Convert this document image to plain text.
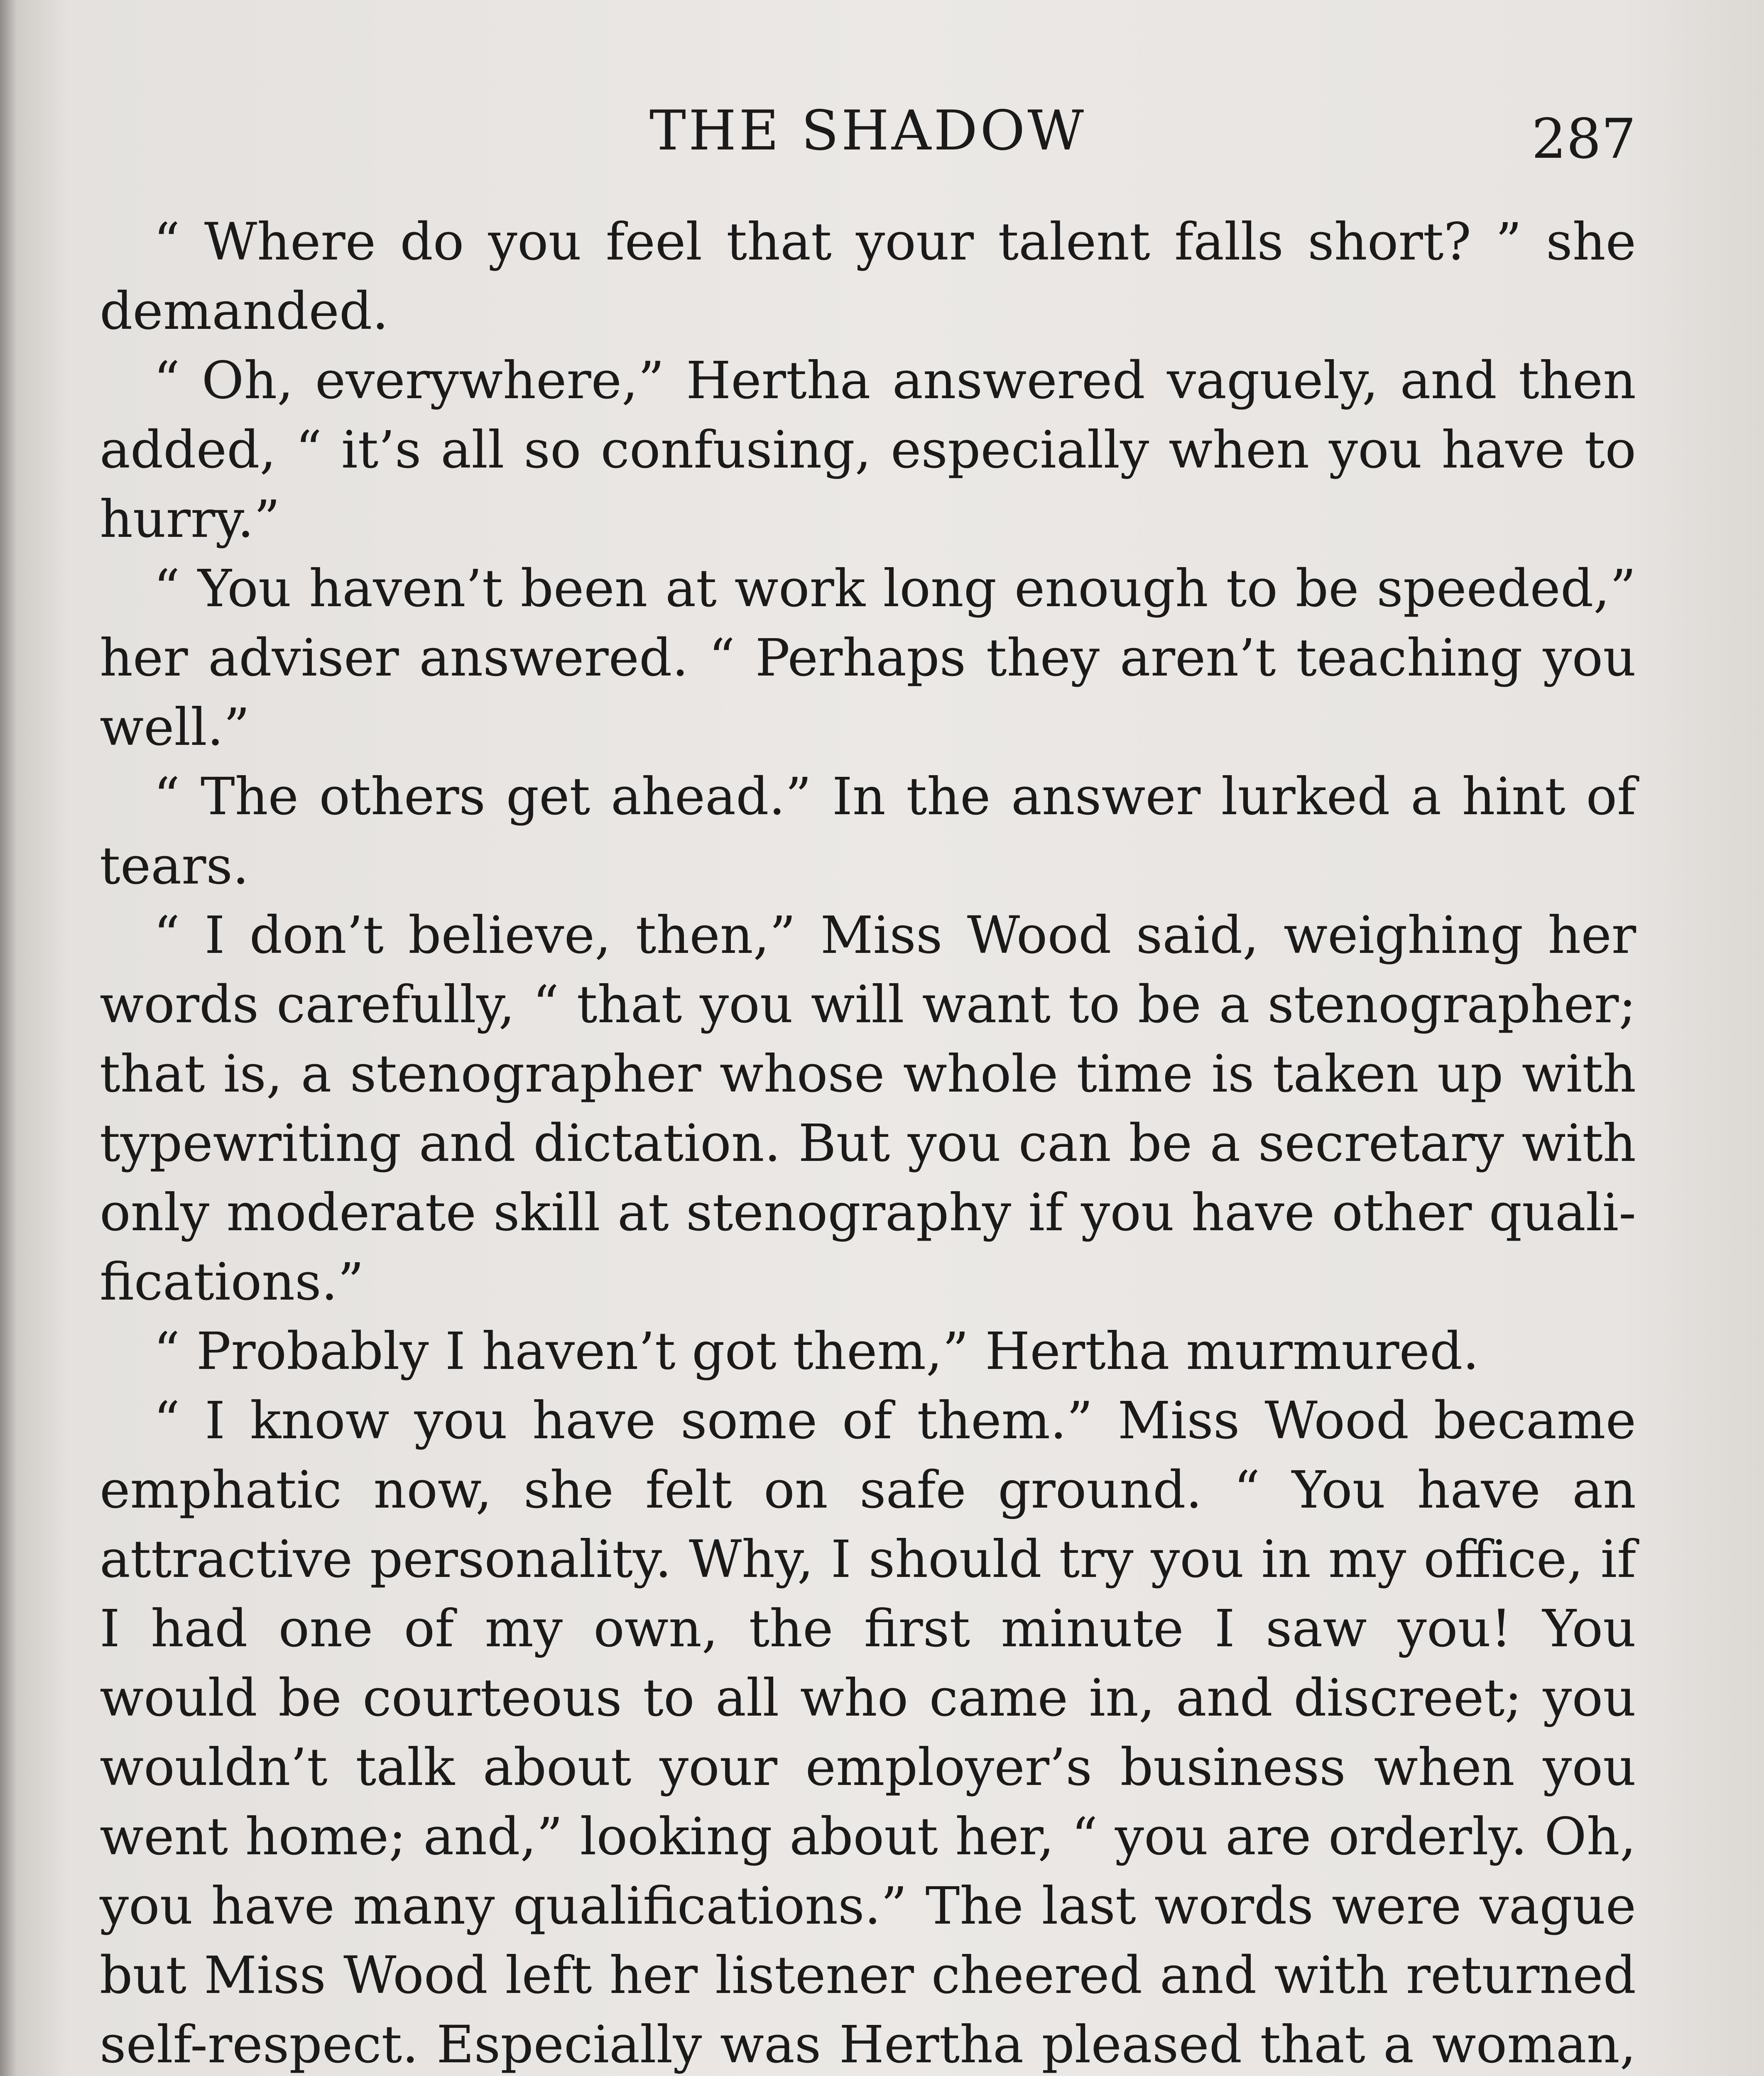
THE SHADOW	287

“ Where do you feel that your talent falls short? ” she demanded.

“ Oh, everywhere,” Hertha answered vaguely, and then added, “ it’s all so confusing, especially when you have to hurry.”

“ You haven’t been at work long enough to be speeded,” her adviser answered. “ Perhaps they aren’t teaching you well.”

“ The others get ahead.” In the answer lurked a hint of tears.

“ I don’t believe, then,” Miss Wood said, weighing her words carefully, “ that you will want to be a stenographer; that is, a stenographer whose whole time is taken up with typewriting and dictation. But you can be a secretary with only moderate skill at stenography if you have other qualifications.”

“ Probably I haven’t got them,” Hertha murmured.

“ I know you have some of them.” Miss Wood became emphatic now, she felt on safe ground. “ You have an attractive personality. Why, I should try you in my office, if I had one of my own, the first minute I saw you! You would be courteous to all who came in, and discreet; you wouldn’t talk about your employer’s business when you went home; and,” looking about her, “ you are orderly. Oh, you have many qualifications.” The last words were vague but Miss Wood left her listener cheered and with returned self-respect. Especially was Hertha pleased that a woman,
